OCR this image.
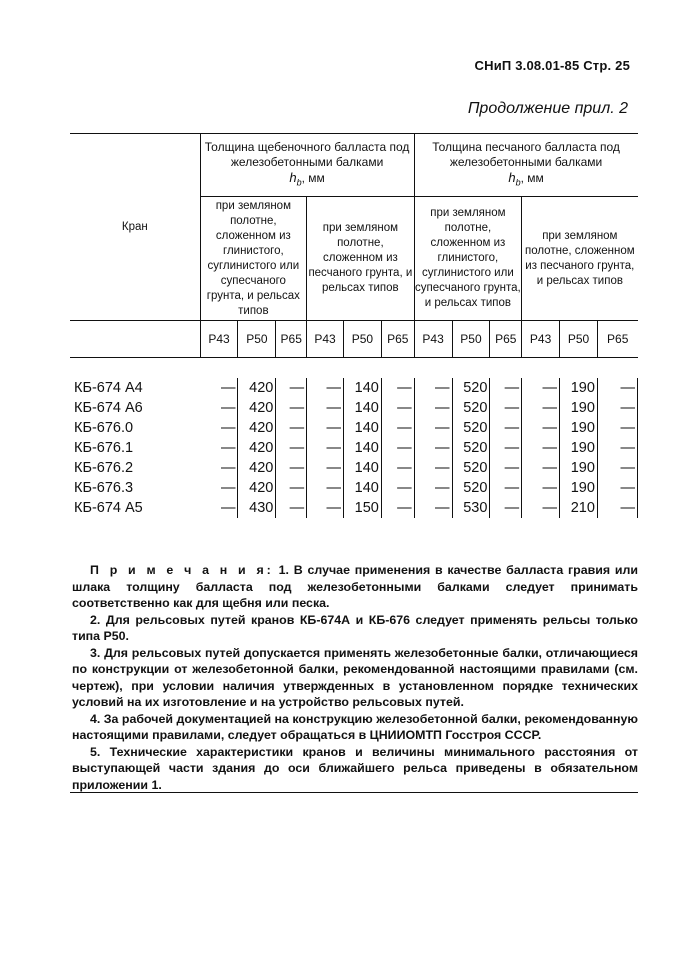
СНиП 3.08.01-85 Стр. 25
Продолжение прил. 2

Кран	Толщина щебеночного балласта под железобетонными балками
$h_b$, мм						Толщина песчаного балласта под железобетонными балками
$h_b$, мм					
	при земляном полотне, сложенном из глинистого, суглинистого или супесчаного грунта, и рельсах типов			при земляном полотне, сложенном из песчаного грунта, и рельсах типов			при земляном полотне, сложенном из глинистого, суглинистого или супесчаного грунта, и рельсах типов			при земляном полотне, сложенном из песчаного грунта, и рельсах типов		
	Р43	Р50	Р65	Р43	Р50	Р65	Р43	Р50	Р65	Р43	Р50	Р65

КБ-674 А4	—	420	—	—	140	—	—	520	—	—	190	—
КБ-674 А6	—	420	—	—	140	—	—	520	—	—	190	—
КБ-676.0	—	420	—	—	140	—	—	520	—	—	190	—
КБ-676.1	—	420	—	—	140	—	—	520	—	—	190	—
КБ-676.2	—	420	—	—	140	—	—	520	—	—	190	—
КБ-676.3	—	420	—	—	140	—	—	520	—	—	190	—
КБ-674 А5	—	430	—	—	150	—	—	530	—	—	210	—

П р и м е ч а н и я: 1. В случае применения в качестве балласта гравия или шлака толщину балласта под железобетонными балками следует принимать соответственно как для щебня или песка.

2. Для рельсовых путей кранов КБ-674А и КБ-676 следует применять рельсы только типа Р50.

3. Для рельсовых путей допускается применять железобетонные балки, отличающиеся по конструкции от железобетонной балки, рекомендованной настоящими правилами (см. чертеж), при условии наличия утвержденных в установленном порядке технических условий на их изготовление и на устройство рельсовых путей.

4. За рабочей документацией на конструкцию железобетонной балки, рекомендованную настоящими правилами, следует обращаться в ЦНИИОМТП Госстроя СССР.

5. Технические характеристики кранов и величины минимального расстояния от выступающей части здания до оси ближайшего рельса приведены в обязательном приложении 1.
